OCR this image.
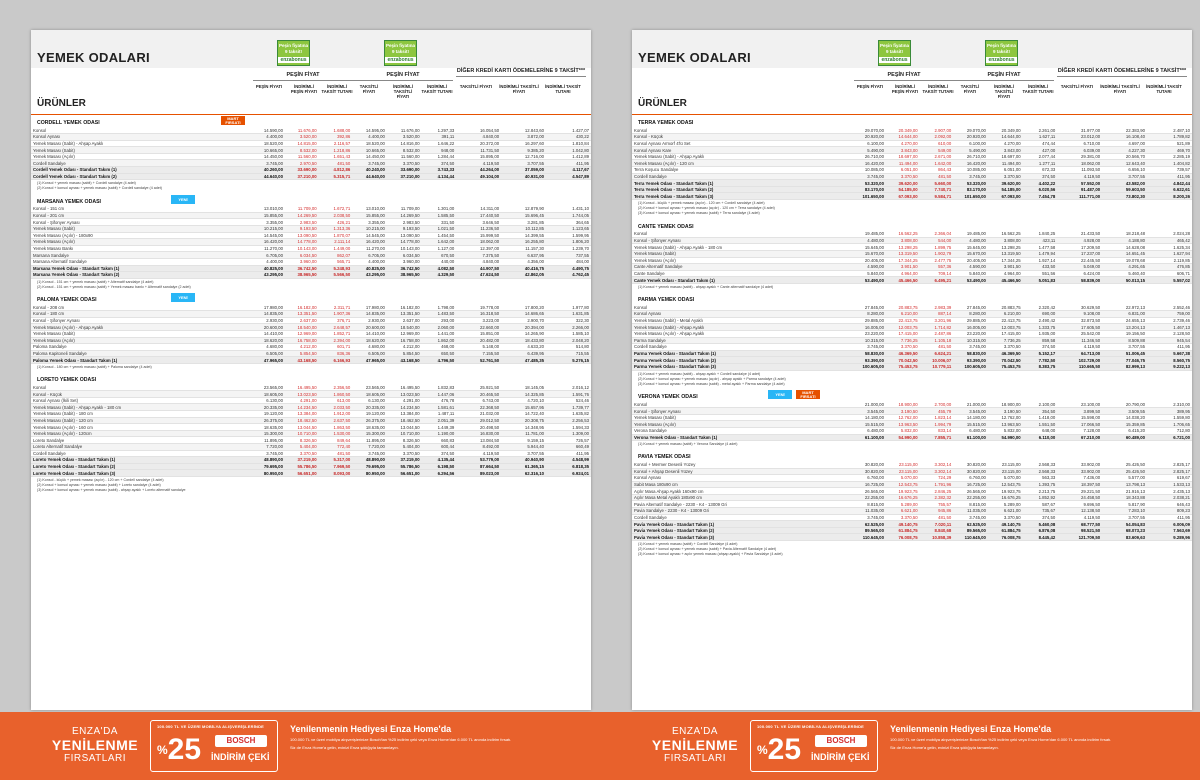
YEMEK ODALARI
ÜRÜNLER
Peşin fiyatına
9 taksit!
enzabonus
Peşin fiyatına
9 taksit!
enzabonus
PEŞİN FİYAT	PEŞİN FİYAT
DİĞER KREDİ KARTI ÖDEMELERİNE 9 TAKSİT***
PEŞİN FİYATI	İNDİRİMLİ PEŞİN FİYATI
İNDİRİMLİ TAKSİT TUTARI
TAKSİTLİ FİYATI
İNDİRİMLİ TAKSİTLİ FİYATI
İNDİRİMLİ TAKSİT TUTARI
TAKSİTLİ FİYATI	İNDİRİMLİ TAKSİTLİ FİYATI
İNDİRİMLİ TAKSİT TUTARI
CORDELL YEMEK ODASI
MART FIRSATI
Konsol	14.590,00	11.676,00	1.688,00	14.595,00	11.676,00	1.297,33	16.054,50	12.843,60	1.427,07
Konsol Aynası	4.400,00	3.520,00	392,86	4.400,00	3.520,00	391,11	4.840,00	3.872,00	430,22
Yemek Masası (Sabit) - Ahşap Ayaklı	18.520,00	14.815,00	2.116,57	18.520,00	14.816,00	1.646,22	20.372,00	16.297,60	1.810,84
Yemek Masası (Sabit)	10.665,00	8.532,00	1.218,86	10.665,00	8.532,00	948,00	11.731,50	9.385,20	1.042,80
Yemek Masası (Açılır)	14.450,00	11.560,00	1.651,43	14.450,00	11.560,00	1.284,44	15.895,00	12.716,00	1.412,89
Cordell Sandalye	3.745,00	2.970,50	481,50	3.745,00	3.370,50	374,50	4.119,50	3.707,55	411,95
Cordell Yemek Odası - Standart Takım (1)	40.260,00	33.690,00	4.812,86	40.240,00	33.690,00	3.743,33	44.264,00	37.059,00	4.117,67
Cordell Yemek Odası - Standart Takım (2)	44.640,00	37.210,00	5.315,71	44.640,00	37.210,00	4.134,44	49.104,00	40.931,00	4.547,89
(1) Konsol + yemek masası (sabit) + Cordell sandalye (4 adet)
(2) Konsol + konsol aynası + yemek masası (sabit) + Cordell sandalye (4 adet)
MARSANA YEMEK ODASI	YENİ
Konsol - 151 cm	13.010,00	11.709,00	1.672,71	13.010,00	11.709,00	1.301,00	14.311,00	12.879,90	1.431,10
Konsol - 201 cm	15.855,00	14.269,50	2.038,50	15.855,00	14.269,50	1.585,50	17.440,50	15.696,45	1.744,05
Konsol - Şifonyer Aynası	3.355,00	2.983,50	426,21	3.355,00	2.983,50	331,50	3.646,50	3.281,85	364,65
Yemek Masası (Sabit)	10.215,00	9.193,50	1.313,36	10.215,00	9.193,50	1.021,50	11.236,50	10.112,85	1.123,65
Yemek Masası (Açılır) - 180x90	14.545,00	13.090,50	1.870,07	14.545,00	13.090,50	1.454,50	15.999,50	14.399,55	1.599,95
Yemek Masası (Açılır)	16.420,00	14.778,00	2.111,14	16.420,00	14.778,00	1.642,00	18.062,00	16.255,80	1.806,20
Yemek Masası Bankı	11.270,00	10.143,00	1.449,00	11.270,00	10.143,00	1.127,00	12.397,00	11.157,30	1.239,70
Marsana Sandalye	6.705,00	6.034,50	862,07	6.705,00	6.034,50	670,50	7.375,50	6.637,95	737,55
Marsana Alternatif Sandalye	4.400,00	3.960,00	565,71	4.400,00	3.960,00	440,00	4.840,00	4.356,00	484,00
Marsana Yemek Odası - Standart Takım (1)	40.825,00	36.742,50	5.248,93	40.825,00	36.742,50	4.082,50	44.907,50	40.416,75	4.490,75
Marsana Yemek Odası - Standart Takım (2)	43.295,00	38.965,50	5.566,50	43.295,00	38.965,50	4.329,50	47.624,50	42.862,05	4.762,45
(1) Konsol - 151 cm + yemek masası (sabit) + Alternatif sandalye (4 adet)
(2) Konsol - 151 cm + yemek masası (sabit) + Yemek masası bankı + Alternatif sandalye (2 adet)
PALOMA YEMEK ODASI	YENİ
Konsol - 208 cm	17.980,00	16.182,00	2.311,71	17.980,00	16.182,00	1.798,00	19.778,00	17.800,20	1.977,80
Konsol - 180 cm	14.835,00	13.351,50	1.907,36	14.835,00	13.351,50	1.483,50	16.318,50	14.686,65	1.631,85
Konsol - Şifonyer Aynası	2.930,00	2.637,00	376,71	2.930,00	2.637,00	293,00	3.223,00	2.900,70	322,30
Yemek Masası (Açılır) - Ahşap Ayaklı	20.600,00	18.540,00	2.648,57	20.600,00	18.540,00	2.060,00	22.660,00	20.394,00	2.266,00
Yemek Masası (Sabit)	14.410,00	12.969,00	1.852,71	14.410,00	12.969,00	1.441,00	15.851,00	14.265,90	1.585,10
Yemek Masası (Açılır)	18.620,00	16.758,00	2.394,00	18.620,00	16.758,00	1.862,00	20.482,00	18.433,80	2.048,20
Paloma Sandalye	4.680,00	4.212,00	601,71	4.680,00	4.212,00	468,00	5.148,00	4.633,20	514,80
Paloma Kapitoneli Sandalye	6.505,00	5.854,50	836,36	6.505,00	5.854,50	650,50	7.155,50	6.439,95	715,55
Paloma Yemek Odası - Standart Takım (1)	47.965,00	43.168,50	6.166,93	47.965,00	43.168,50	4.796,50	52.761,50	47.485,35	5.276,15
(1) Konsol - 180 cm + yemek masası (sabit) + Paloma sandalye (4 adet)
LORETO YEMEK ODASI
Konsol	23.565,00	16.495,50	2.356,50	23.565,00	16.495,50	1.832,83	25.921,50	18.145,05	2.016,12
Konsol - Küçük	18.605,00	13.023,50	1.860,50	18.605,00	13.023,50	1.447,06	20.465,50	14.325,85	1.591,76
Konsol Aynası (İkili Set)	6.130,00	4.291,00	613,00	6.130,00	4.291,00	476,78	6.743,00	4.720,10	524,46
Yemek Masası (Sabit) - Ahşap Ayaklı - 180 cm	20.335,00	14.234,50	2.033,50	20.335,00	14.234,50	1.581,61	22.368,50	15.657,95	1.739,77
Yemek Masası (Sabit) - 180 cm	19.120,00	13.384,00	1.912,00	19.120,00	13.384,00	1.487,11	21.032,00	14.722,40	1.635,82
Yemek Masası (Sabit) - 120 cm	26.375,00	18.462,50	2.637,50	26.375,00	18.462,50	2.051,39	29.012,50	20.308,75	2.256,53
Yemek Masası (Açılır) - 160 cm	18.635,00	13.044,50	1.863,50	18.635,00	13.044,50	1.449,39	20.498,50	14.348,95	1.594,33
Yemek Masası (Açılır) - 120cm	15.300,00	10.710,00	1.530,00	15.300,00	10.710,00	1.190,00	16.830,00	11.781,00	1.309,00
Loreto Sandalye	11.895,00	8.326,50	849,64	11.895,00	8.326,50	660,83	13.084,50	9.159,15	726,57
Loreto Alternatif Sandalye	7.720,00	5.404,00	772,40	7.720,00	5.404,00	600,44	8.492,00	5.944,40	660,49
Cordell Sandalye	3.745,00	3.370,50	481,50	3.745,00	3.370,50	374,50	4.119,50	3.707,55	411,95
Loreto Yemek Odası - Standart Takım (1)	48.890,00	37.219,00	5.317,00	48.890,00	37.219,00	4.135,44	53.779,00	40.940,90	4.548,99
Loreto Yemek Odası - Standart Takım (2)	79.695,00	55.786,50	7.969,50	79.695,00	55.786,50	6.198,50	87.664,50	61.365,15	6.818,35
Loreto Yemek Odası - Standart Takım (3)	80.950,00	56.651,00	8.093,00	80.950,00	56.651,00	6.294,56	89.023,00	62.316,10	6.924,01
(1) Konsol - küçük + yemek masası (açılır) - 120 cm + Cordell sandalye (4 adet)
(2) Konsol + konsol aynası + yemek masası (sabit) + Loreto sandalye (4 adet)
(3) Konsol + konsol aynası + yemek masası (sabit) - ahşap ayaklı + Loreto alternatif sandalye
YEMEK ODALARI
ÜRÜNLER
Peşin fiyatına
9 taksit!
enzabonus
Peşin fiyatına
9 taksit!
enzabonus
PEŞİN FİYAT	PEŞİN FİYAT
DİĞER KREDİ KARTI ÖDEMELERİNE 9 TAKSİT***
PEŞİN FİYATI	İNDİRİMLİ PEŞİN FİYATI
İNDİRİMLİ TAKSİT TUTARI
TAKSİTLİ FİYATI
İNDİRİMLİ TAKSİTLİ FİYATI
İNDİRİMLİ TAKSİT TUTARI
TAKSİTLİ FİYATI	İNDİRİMLİ TAKSİTLİ FİYATI
İNDİRİMLİ TAKSİT TUTARI
TERRA YEMEK ODASI
Konsol	29.070,00	20.349,00	2.907,00	29.070,00	20.349,00	2.261,00	31.977,00	22.383,90	2.487,10
Konsol - Küçük	20.920,00	14.644,00	2.092,00	20.920,00	14.644,00	1.627,11	23.012,00	16.108,40	1.789,82
Konsol Aynası Armorf 4'lü Set	6.100,00	4.270,00	610,00	6.100,00	4.270,00	474,44	6.710,00	4.697,00	521,89
Konsol Aynası Kare	5.490,00	3.843,00	549,00	5.490,00	3.843,00	427,00	6.039,00	4.227,30	469,70
Yemek Masası (Sabit) - Ahşap Ayaklı	26.710,00	18.697,00	2.671,00	26.710,00	18.697,00	2.077,44	29.381,00	20.566,70	2.285,19
Yemek Masası (Açılır) - 120 cm	16.420,00	11.494,00	1.642,00	16.420,00	11.494,00	1.277,11	18.062,00	12.643,40	1.404,82
Terra Koşucu Sandalye	10.085,00	6.051,00	864,43	10.085,00	6.051,00	672,33	11.093,50	6.656,10	739,57
Cordell Sandalye	3.745,00	3.370,50	481,50	3.745,00	3.370,50	374,50	4.119,50	3.707,55	411,95
Terra Yemek Odası - Standart Takım (1)	53.320,00	39.620,00	5.660,00	53.320,00	39.620,00	4.402,22	57.552,00	43.582,00	4.842,44
Terra Yemek Odası - Standart Takım (2)	83.170,00	54.185,00	7.740,71	83.170,00	54.185,00	6.020,56	91.487,00	59.603,50	6.622,61
Terra Yemek Odası - Standart Takım (3)	101.650,00	67.093,00	9.584,71	101.650,00	67.093,00	7.454,78	111.771,00	73.802,30	8.200,26
(1) Konsol - küçük + yemek masası (açılır) - 120 cm + Cordell sandalye (4 adet)
(2) Konsol + konsol aynası + yemek masası (açılır) - 120 cm + Terra sandalye (4 adet)
(3) Konsol + konsol aynası + yemek masası (sabit) + Terra sandalye (4 adet)
CANTE YEMEK ODASI
Konsol	19.485,00	16.562,25	2.366,04	19.485,00	16.562,25	1.840,25	21.433,50	18.218,48	2.024,28
Konsol - Şifonyer Aynası	4.480,00	3.808,00	544,00	4.480,00	3.808,00	423,11	4.928,00	4.188,80	465,42
Yemek Masası (Sabit) - Ahşap Ayaklı - 180 cm	15.645,00	13.298,25	1.899,75	15.645,00	13.298,25	1.477,58	17.209,50	14.628,08	1.625,34
Yemek Masası (Sabit)	15.670,00	13.319,50	1.902,79	15.670,00	13.319,50	1.479,94	17.237,00	14.651,45	1.627,94
Yemek Masası (Açılır)	20.405,00	17.344,25	2.477,75	20.405,00	17.344,25	1.927,14	22.445,50	19.078,68	2.119,85
Cante Alternatif Sandalye	4.590,00	3.901,50	557,36	4.590,00	3.901,50	433,50	5.049,00	4.291,65	476,85
Cante Sandalye	5.840,00	4.964,00	709,14	5.840,00	4.964,00	551,56	6.424,00	5.460,40	606,71
Cante Yemek Odası - Standart Takım (1)	53.490,00	45.466,50	6.495,21	53.490,00	45.466,50	5.051,83	58.839,00	50.013,15	5.557,02
(1) Konsol + yemek masası (sabit) - ahşap ayaklı + Cante alternatif sandalye (4 adet)
PARMA YEMEK ODASI
Konsol	27.845,00	20.883,75	2.983,39	27.845,00	20.883,75	2.320,42	30.629,50	22.972,13	2.552,46
Konsol Aynası	8.280,00	6.210,00	887,14	8.280,00	6.210,00	690,00	9.108,00	6.831,00	759,00
Yemek Masası (Sabit) - Metal Ayaklı	29.885,00	22.413,75	3.201,96	29.885,00	22.413,75	2.490,42	32.873,50	24.655,13	2.739,46
Yemek Masası (Sabit) - Ahşap Ayaklı	16.005,00	12.003,75	1.714,82	16.005,00	12.003,75	1.333,75	17.605,50	13.204,13	1.467,13
Yemek Masası (Açılır) - Ahşap Ayaklı	23.220,00	17.415,00	2.487,86	23.220,00	17.415,00	1.935,00	25.542,00	19.156,50	2.128,50
Parma Sandalye	10.315,00	7.736,25	1.105,18	10.315,00	7.736,25	859,58	11.346,50	8.509,88	945,54
Cordell Sandalye	3.745,00	3.370,50	481,50	3.745,00	3.370,50	374,50	4.119,50	3.707,55	411,95
Parma Yemek Odası - Standart Takım (1)	58.830,00	46.369,50	6.624,21	58.830,00	46.369,50	5.152,17	64.713,00	51.006,45	5.667,38
Parma Yemek Odası - Standart Takım (2)	93.390,00	70.042,50	10.006,07	93.390,00	70.042,50	7.782,50	102.729,00	77.046,75	8.560,75
Parma Yemek Odası - Standart Takım (3)	100.605,00	75.453,75	10.779,11	100.605,00	75.453,75	8.383,75	110.665,50	82.999,13	9.222,13
(1) Konsol + yemek masası (sabit) - ahşap ayaklı + Cordell sandalye (4 adet)
(2) Konsol + konsol aynası + yemek masası (açılır) - ahşap ayaklı + Parma sandalye (4 adet)
(3) Konsol + konsol aynası + yemek masası (sabit) - metal ayaklı + Parma sandalye (4 adet)
VERONA YEMEK ODASI	YENİ	MART FIRSATI
Konsol	21.000,00	18.900,00	2.700,00	21.000,00	18.900,00	2.100,00	23.100,00	20.790,00	2.310,00
Konsol - Şifonyer Aynası	3.545,00	3.190,50	455,79	3.545,00	3.190,50	354,50	3.899,50	3.509,55	389,95
Yemek Masası (Sabit)	14.180,00	12.762,00	1.823,14	14.180,00	12.762,00	1.418,00	15.598,00	14.038,20	1.559,80
Yemek Masası (Açılır)	15.515,00	13.963,50	1.994,79	15.515,00	13.963,50	1.551,50	17.066,50	15.359,85	1.706,65
Verona Sandalye	6.480,00	5.832,00	833,14	6.480,00	5.832,00	648,00	7.128,00	6.415,20	712,80
Verona Yemek Odası - Standart Takım (1)	61.100,00	54.990,00	7.855,71	61.100,00	54.990,00	6.110,00	67.210,00	60.489,00	6.721,00
(1) Konsol + yemek masası (sabit) + Verona Sandalye (4 adet)
PAVIA YEMEK ODASI
Konsol + Mermer Desenli Yüzey	30.820,00	23.115,00	3.302,14	30.820,00	23.115,00	2.568,33	33.902,00	25.426,50	2.825,17
Konsol + Ahşap Desenli Yüzey	30.820,00	23.115,00	3.302,14	30.820,00	23.115,00	2.568,33	33.902,00	25.426,50	2.825,17
Konsol Aynası	6.760,00	5.070,00	724,29	6.760,00	5.070,00	563,33	7.436,00	5.577,00	619,67
Sabit Masa 180x90 cm	16.725,00	12.543,75	1.791,96	16.725,00	12.543,75	1.393,75	18.397,50	13.798,13	1.533,13
Açılır Masa Ahşap Ayaklı 160x90 cm	26.565,00	19.923,75	2.846,25	26.565,00	19.923,75	2.213,75	29.221,50	21.916,13	2.435,13
Açılır Masa Metal Ayaklı 180x90 cm	22.255,00	16.676,25	2.382,32	22.255,00	16.676,25	1.852,92	24.458,50	18.343,88	2.038,21
Pavia Alternatif Sandalye - 2230 - K4 - 13009 Gri	8.815,00	5.289,00	755,57	8.815,00	5.289,00	587,67	9.696,50	5.817,90	646,43
Pavia Sandalye - 2230 - K4 - 13009 Gri	11.035,00	6.621,00	945,86	11.035,00	6.621,00	735,67	12.138,50	7.283,10	809,23
Cordell Sandalye	3.745,00	3.370,50	481,50	3.745,00	3.370,50	374,50	4.119,50	3.707,55	411,95
Pavia Yemek Odası - Standart Takım (1)	62.525,00	49.140,75	7.020,11	62.525,00	49.140,75	5.460,08	68.777,50	54.054,83	6.006,09
Pavia Yemek Odası - Standart Takım (2)	89.565,00	61.884,75	8.840,68	89.565,00	61.884,75	6.876,08	98.521,50	68.073,23	7.563,69
Pavia Yemek Odası - Standart Takım (3)	110.645,00	76.008,75	10.858,39	110.645,00	76.008,75	8.445,42	121.709,50	83.609,63	9.289,96
(1) Konsol + yemek masası (sabit) + Cordell Sandalye (4 adet)
(2) Konsol + konsol aynası + yemek masası (sabit) + Pavia Alternatif Sandalye (4 adet)
(3) Konsol + konsol aynası + açılır yemek masası (ahşap ayaklı) + Pavia Sandalye (4 adet)
ENZA'DA
YENİLENME
FIRSATLARI
100.000 TL VE ÜZERİ MOBİLYA ALIŞVERİŞLERİNDE
%25	BOSCH
İNDİRİM ÇEKİ
Yenilenmenin Hediyesi Enza Home'da
100.000 TL ve üzeri mobilya alışverişlerinize Bosch'tan %25 indirim çeki veya Enza Home'dan 6.000 TL anında indirim fırsatı.
Siz de Enza Home'a gelin, evinizi Enza şıklığıyla tamamlayın.
ENZA'DA
YENİLENME
FIRSATLARI
100.000 TL VE ÜZERİ MOBİLYA ALIŞVERİŞLERİNDE
%25	BOSCH
İNDİRİM ÇEKİ
Yenilenmenin Hediyesi Enza Home'da
100.000 TL ve üzeri mobilya alışverişlerinize Bosch'tan %25 indirim çeki veya Enza Home'dan 6.000 TL anında indirim fırsatı.
Siz de Enza Home'a gelin, evinizi Enza şıklığıyla tamamlayın.
